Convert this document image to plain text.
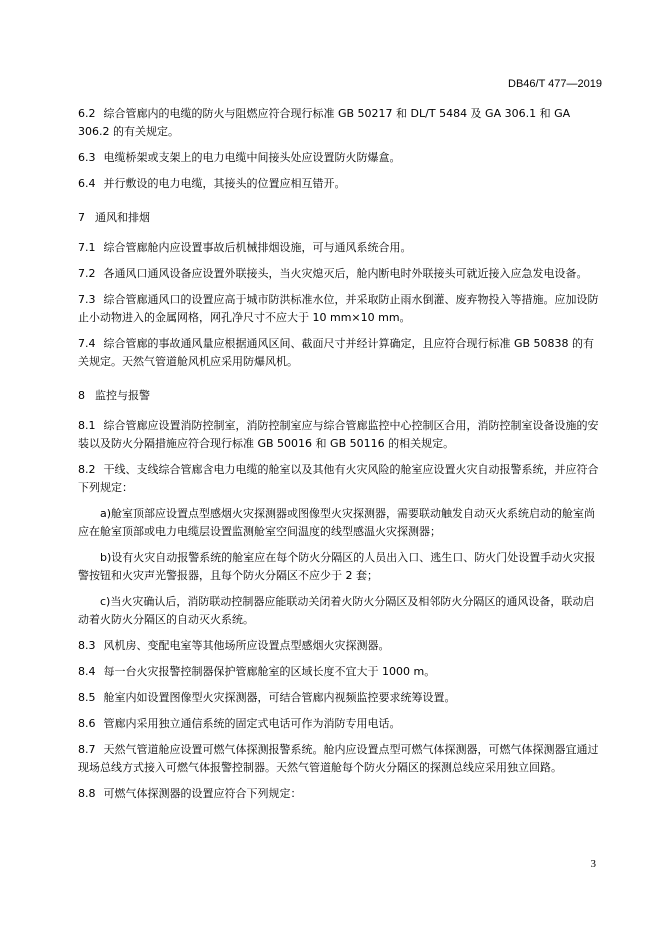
DB46/T 477—2019
6.2 综合管廊内的电缆的防火与阻燃应符合现行标准 GB 50217 和 DL/T 5484 及 GA 306.1 和 GA 306.2 的有关规定。
6.3 电缆桥架或支架上的电力电缆中间接头处应设置防火防爆盒。
6.4 并行敷设的电力电缆，其接头的位置应相互错开。
7 通风和排烟
7.1 综合管廊舱内应设置事故后机械排烟设施，可与通风系统合用。
7.2 各通风口通风设备应设置外联接头，当火灾熄灭后，舱内断电时外联接头可就近接入应急发电设备。
7.3 综合管廊通风口的设置应高于城市防洪标准水位，并采取防止雨水倒灌、废弃物投入等措施。应加设防止小动物进入的金属网格，网孔净尺寸不应大于 10 mm×10 mm。
7.4 综合管廊的事故通风量应根据通风区间、截面尺寸并经计算确定，且应符合现行标准 GB 50838 的有关规定。天然气管道舱风机应采用防爆风机。
8 监控与报警
8.1 综合管廊应设置消防控制室，消防控制室应与综合管廊监控中心控制区合用，消防控制室设备设施的安装以及防火分隔措施应符合现行标准 GB 50016 和 GB 50116 的相关规定。
8.2 干线、支线综合管廊含电力电缆的舱室以及其他有火灾风险的舱室应设置火灾自动报警系统，并应符合下列规定：
a)舱室顶部应设置点型感烟火灾探测器或图像型火灾探测器，需要联动触发自动灭火系统启动的舱室尚应在舱室顶部或电力电缆层设置监测舱室空间温度的线型感温火灾探测器；
b)设有火灾自动报警系统的舱室应在每个防火分隔区的人员出入口、逃生口、防火门处设置手动火灾报警按钮和火灾声光警报器，且每个防火分隔区不应少于 2 套；
c)当火灾确认后，消防联动控制器应能联动关闭着火防火分隔区及相邻防火分隔区的通风设备，联动启动着火防火分隔区的自动灭火系统。
8.3 风机房、变配电室等其他场所应设置点型感烟火灾探测器。
8.4 每一台火灾报警控制器保护管廊舱室的区域长度不宜大于 1000 m。
8.5 舱室内如设置图像型火灾探测器，可结合管廊内视频监控要求统筹设置。
8.6 管廊内采用独立通信系统的固定式电话可作为消防专用电话。
8.7 天然气管道舱应设置可燃气体探测报警系统。舱内应设置点型可燃气体探测器，可燃气体探测器宜通过现场总线方式接入可燃气体报警控制器。天然气管道舱每个防火分隔区的探测总线应采用独立回路。
8.8 可燃气体探测器的设置应符合下列规定：
3
